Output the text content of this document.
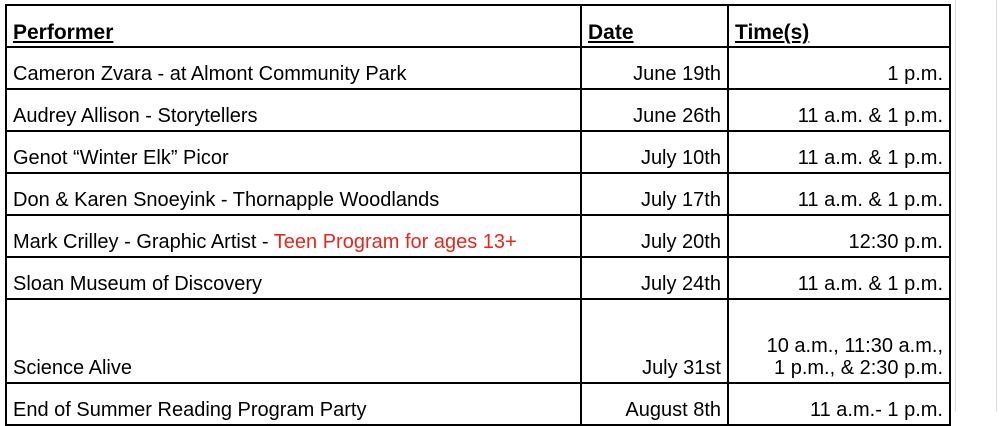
Performer	Date	Time(s)
Cameron Zvara - at Almont Community Park	June 19th	1 p.m.

Audrey Allison - Storytellers	June 26th	11 a.m. & 1 p.m.

Genot “Winter Elk” Picor	July 10th	11 a.m. & 1 p.m.

Don & Karen Snoeyink - Thornapple Woodlands	July 17th	11 a.m. & 1 p.m.

Mark Crilley - Graphic Artist - Teen Program for ages 13+	July 20th	12:30 p.m.

Sloan Museum of Discovery	July 24th	11 a.m. & 1 p.m.

Science Alive	July 31st	10 a.m., 11:30 a.m.,
1 p.m., & 2:30 p.m.

End of Summer Reading Program Party	August 8th	11 a.m.- 1 p.m.
